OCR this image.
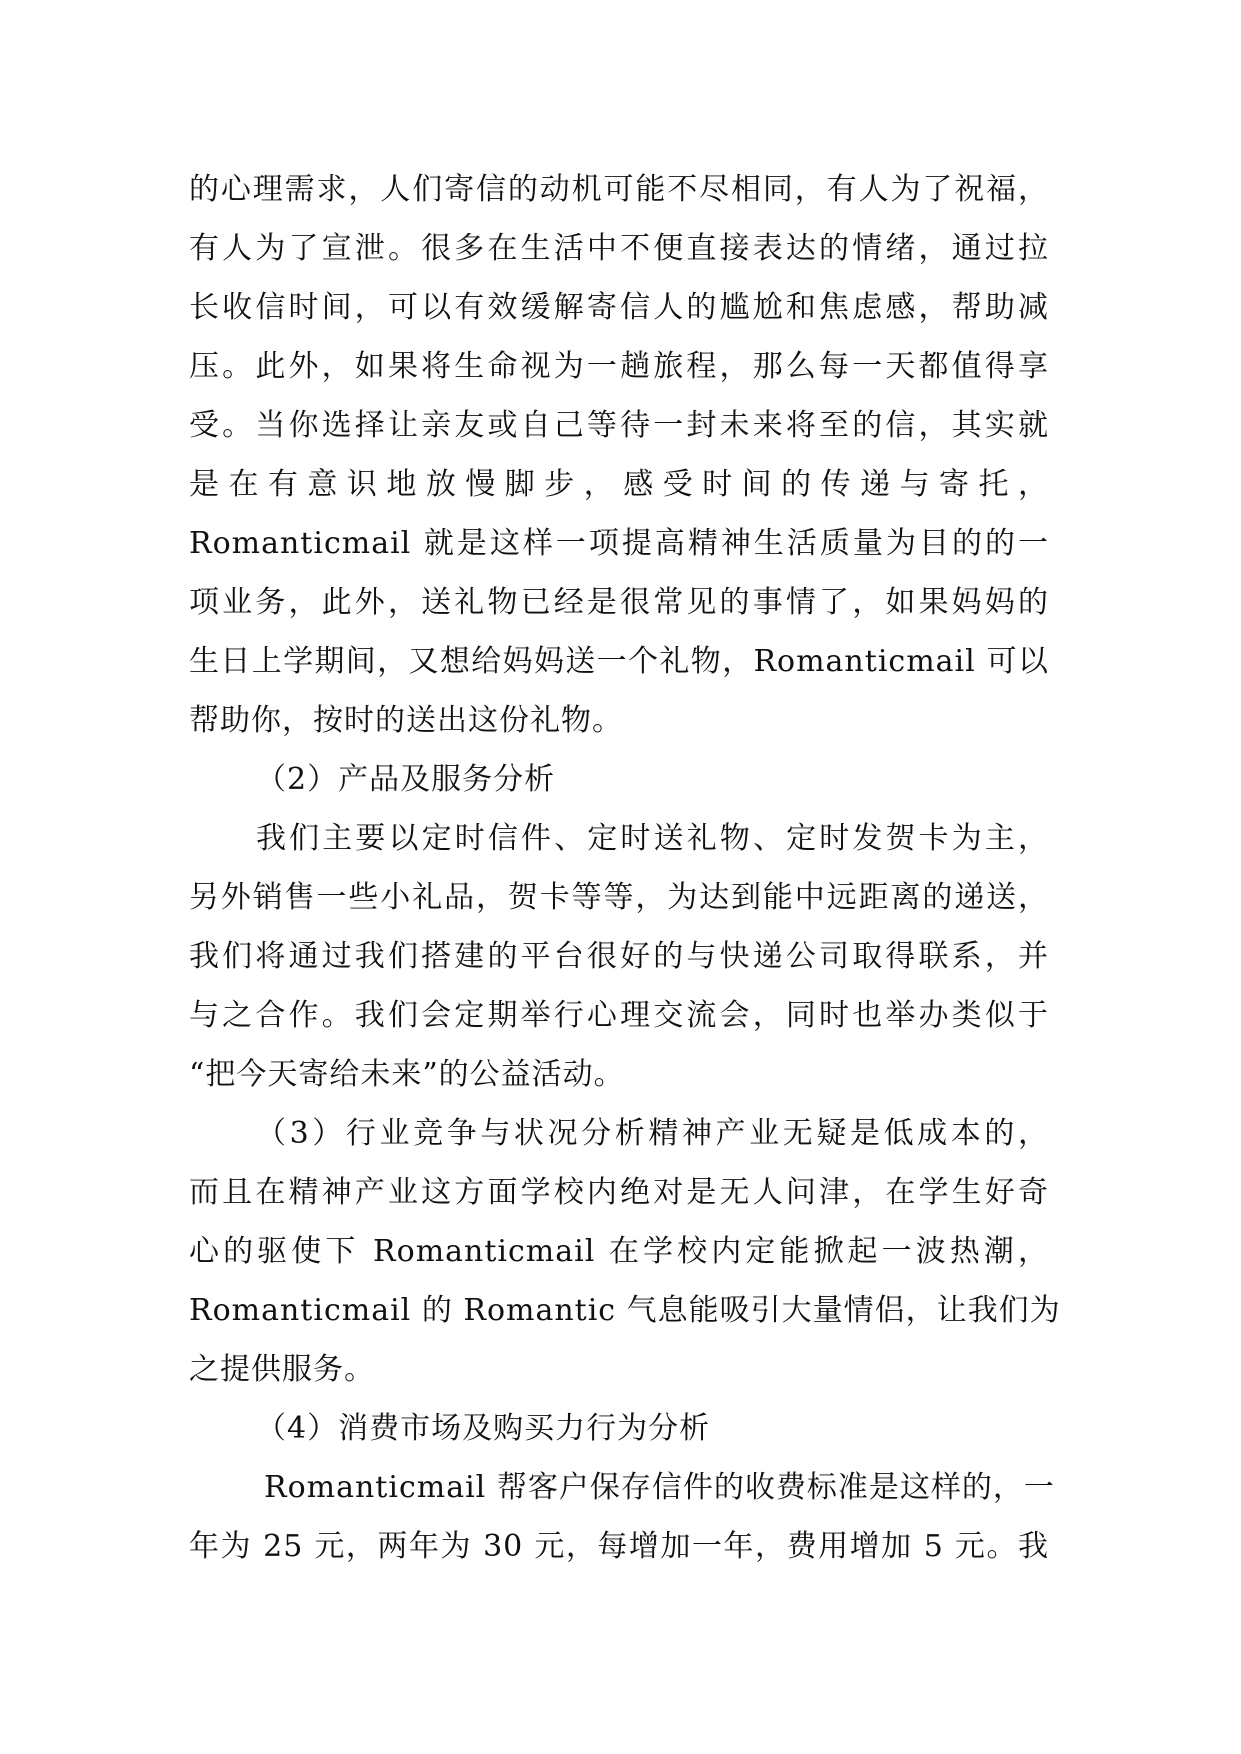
的心理需求，人们寄信的动机可能不尽相同，有人为了祝福，
有人为了宣泄。很多在生活中不便直接表达的情绪，通过拉
长收信时间，可以有效缓解寄信人的尴尬和焦虑感，帮助减
压。此外，如果将生命视为一趟旅程，那么每一天都值得享
受。当你选择让亲友或自己等待一封未来将至的信，其实就
是在有意识地放慢脚步，感受时间的传递与寄托，
Romanticmail 就是这样一项提高精神生活质量为目的的一
项业务，此外，送礼物已经是很常见的事情了，如果妈妈的
生日上学期间，又想给妈妈送一个礼物，Romanticmail 可以
帮助你，按时的送出这份礼物。
（2）产品及服务分析
我们主要以定时信件、定时送礼物、定时发贺卡为主，
另外销售一些小礼品，贺卡等等，为达到能中远距离的递送，
我们将通过我们搭建的平台很好的与快递公司取得联系，并
与之合作。我们会定期举行心理交流会，同时也举办类似于
“把今天寄给未来”的公益活动。
（3）行业竞争与状况分析精神产业无疑是低成本的，
而且在精神产业这方面学校内绝对是无人问津，在学生好奇
心的驱使下 Romanticmail 在学校内定能掀起一波热潮，
Romanticmail 的 Romantic 气息能吸引大量情侣，让我们为
之提供服务。
（4）消费市场及购买力行为分析
Romanticmail 帮客户保存信件的收费标准是这样的，一
年为 25 元，两年为 30 元，每增加一年，费用增加 5 元。我
